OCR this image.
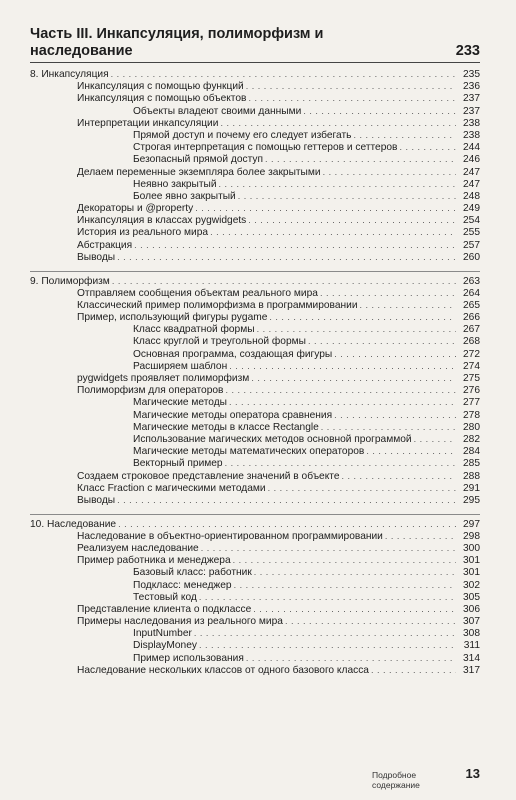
Часть III. Инкапсуляция, полиморфизм и наследование	233
8. Инкапсуляция . . .	235
Инкапсуляция с помощью функций . . .	236
Инкапсуляция с помощью объектов . . .	237
Объекты владеют своими данными . . .	237
Интерпретации инкапсуляции . . .	238
Прямой доступ и почему его следует избегать . . .	238
Строгая интерпретация с помощью геттеров и сеттеров . . .	244
Безопасный прямой доступ . . .	246
Делаем переменные экземпляра более закрытыми . . .	247
Неявно закрытый . . .	247
Более явно закрытый . . .	248
Декораторы и @property . . .	249
Инкапсуляция в классах pygwidgets . . .	254
История из реального мира . . .	255
Абстракция . . .	257
Выводы . . .	260
9. Полиморфизм . . .	263
Отправляем сообщения объектам реального мира . . .	264
Классический пример полиморфизма в программировании . . .	265
Пример, использующий фигуры pygame . . .	266
Класс квадратной формы . . .	267
Класс круглой и треугольной формы . . .	268
Основная программа, создающая фигуры . . .	272
Расширяем шаблон . . .	274
pygwidgets проявляет полиморфизм . . .	275
Полиморфизм для операторов . . .	276
Магические методы . . .	277
Магические методы оператора сравнения . . .	278
Магические методы в классе Rectangle . . .	280
Использование магических методов основной программой . . .	282
Магические методы математических операторов . . .	284
Векторный пример . . .	285
Создаем строковое представление значений в объекте . . .	288
Класс Fraction с магическими методами . . .	291
Выводы . . .	295
10. Наследование . . .	297
Наследование в объектно-ориентированном программировании . . .	298
Реализуем наследование . . .	300
Пример работника и менеджера . . .	301
Базовый класс: работник . . .	301
Подкласс: менеджер . . .	302
Тестовый код . . .	305
Представление клиента о подклассе . . .	306
Примеры наследования из реального мира . . .	307
InputNumber . . .	308
DisplayMoney . . .	311
Пример использования . . .	314
Наследование нескольких классов от одного базового класса . . .	317
Подробное содержание
13
